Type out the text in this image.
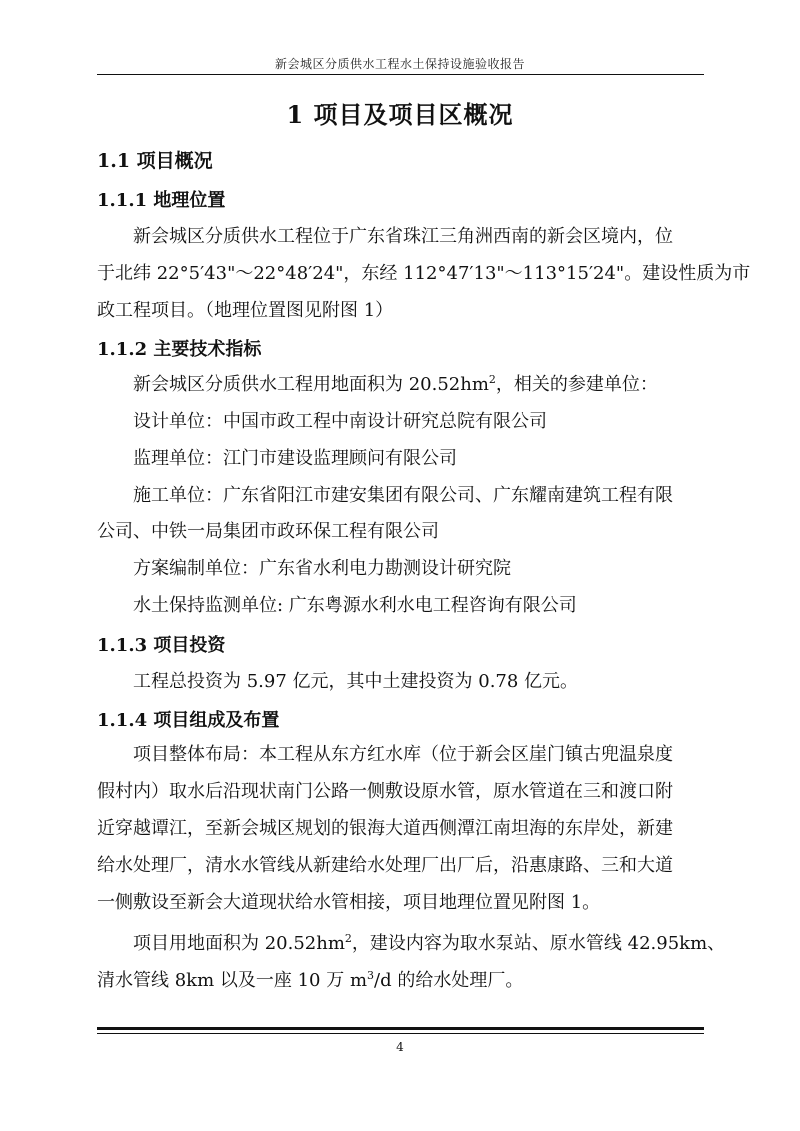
新会城区分质供水工程水土保持设施验收报告
1 项目及项目区概况
1.1 项目概况
1.1.1 地理位置
新会城区分质供水工程位于广东省珠江三角洲西南的新会区境内，位
于北纬 22°5′43"～22°48′24"，东经 112°47′13"～113°15′24"。建设性质为市
政工程项目。（地理位置图见附图 1）
1.1.2 主要技术指标
新会城区分质供水工程用地面积为 $20.52hm^2$，相关的参建单位：
设计单位：中国市政工程中南设计研究总院有限公司
监理单位：江门市建设监理顾问有限公司
施工单位：广东省阳江市建安集团有限公司、广东耀南建筑工程有限
公司、中铁一局集团市政环保工程有限公司
方案编制单位：广东省水利电力勘测设计研究院
水土保持监测单位: 广东粤源水利水电工程咨询有限公司
1.1.3 项目投资
工程总投资为 5.97 亿元，其中土建投资为 0.78 亿元。
1.1.4 项目组成及布置
项目整体布局：本工程从东方红水库（位于新会区崖门镇古兜温泉度
假村内）取水后沿现状南门公路一侧敷设原水管，原水管道在三和渡口附
近穿越谭江，至新会城区规划的银海大道西侧潭江南坦海的东岸处，新建
给水处理厂，清水水管线从新建给水处理厂出厂后，沿惠康路、三和大道
一侧敷设至新会大道现状给水管相接，项目地理位置见附图 1。
项目用地面积为 $20.52hm^2$，建设内容为取水泵站、原水管线 42.95km、
清水管线 8km 以及一座 10 万 $m^3/d$ 的给水处理厂。
4
